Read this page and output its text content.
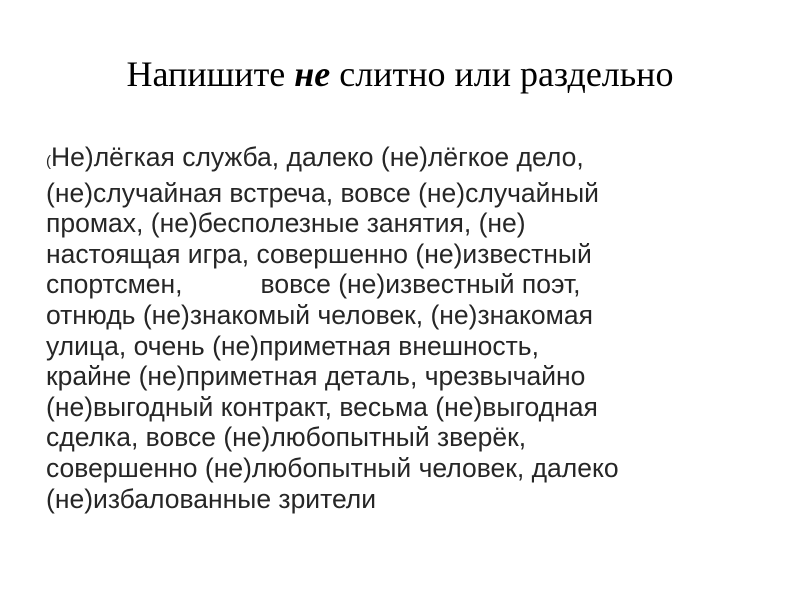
Напишите не слитно или раздельно
(Не)лёгкая служба, далеко (не)лёгкое дело,
(не)случайная встреча, вовсе (не)случайный
промах, (не)бесполезные занятия, (не)
настоящая игра, совершенно (не)известный
спортсмен,	вовсе (не)известный поэт,
отнюдь (не)знакомый человек, (не)знакомая
улица, очень (не)приметная внешность,
крайне (не)приметная деталь, чрезвычайно
(не)выгодный контракт, весьма (не)выгодная
сделка, вовсе (не)любопытный зверёк,
совершенно (не)любопытный человек, далеко
(не)избалованные зрители
